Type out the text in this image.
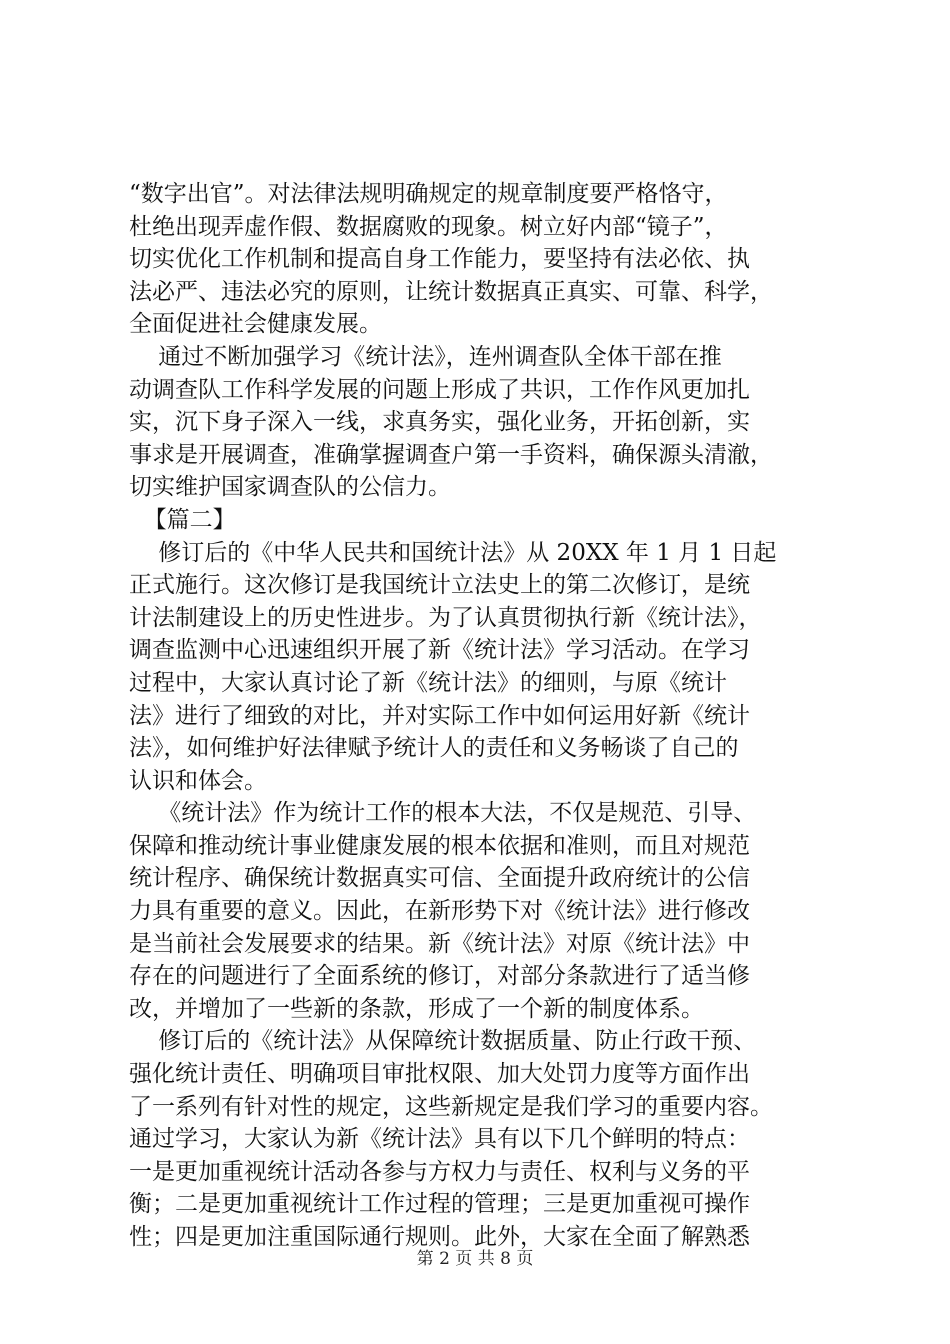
“数字出官”。对法律法规明确规定的规章制度要严格恪守，
杜绝出现弄虚作假、数据腐败的现象。树立好内部“镜子”，
切实优化工作机制和提高自身工作能力，要坚持有法必依、执
法必严、违法必究的原则，让统计数据真正真实、可靠、科学，
全面促进社会健康发展。
通过不断加强学习《统计法》，连州调查队全体干部在推
动调查队工作科学发展的问题上形成了共识，工作作风更加扎
实，沉下身子深入一线，求真务实，强化业务，开拓创新，实
事求是开展调查，准确掌握调查户第一手资料，确保源头清澈，
切实维护国家调查队的公信力。
【篇二】
修订后的《中华人民共和国统计法》从 20XX 年 1 月 1 日起
正式施行。这次修订是我国统计立法史上的第二次修订，是统
计法制建设上的历史性进步。为了认真贯彻执行新《统计法》，
调查监测中心迅速组织开展了新《统计法》学习活动。在学习
过程中，大家认真讨论了新《统计法》的细则，与原《统计
法》进行了细致的对比，并对实际工作中如何运用好新《统计
法》，如何维护好法律赋予统计人的责任和义务畅谈了自己的
认识和体会。
《统计法》作为统计工作的根本大法，不仅是规范、引导、
保障和推动统计事业健康发展的根本依据和准则，而且对规范
统计程序、确保统计数据真实可信、全面提升政府统计的公信
力具有重要的意义。因此，在新形势下对《统计法》进行修改
是当前社会发展要求的结果。新《统计法》对原《统计法》中
存在的问题进行了全面系统的修订，对部分条款进行了适当修
改，并增加了一些新的条款，形成了一个新的制度体系。
修订后的《统计法》从保障统计数据质量、防止行政干预、
强化统计责任、明确项目审批权限、加大处罚力度等方面作出
了一系列有针对性的规定，这些新规定是我们学习的重要内容。
通过学习，大家认为新《统计法》具有以下几个鲜明的特点：
一是更加重视统计活动各参与方权力与责任、权利与义务的平
衡；二是更加重视统计工作过程的管理；三是更加重视可操作
性；四是更加注重国际通行规则。此外，大家在全面了解熟悉
第 2 页 共 8 页
